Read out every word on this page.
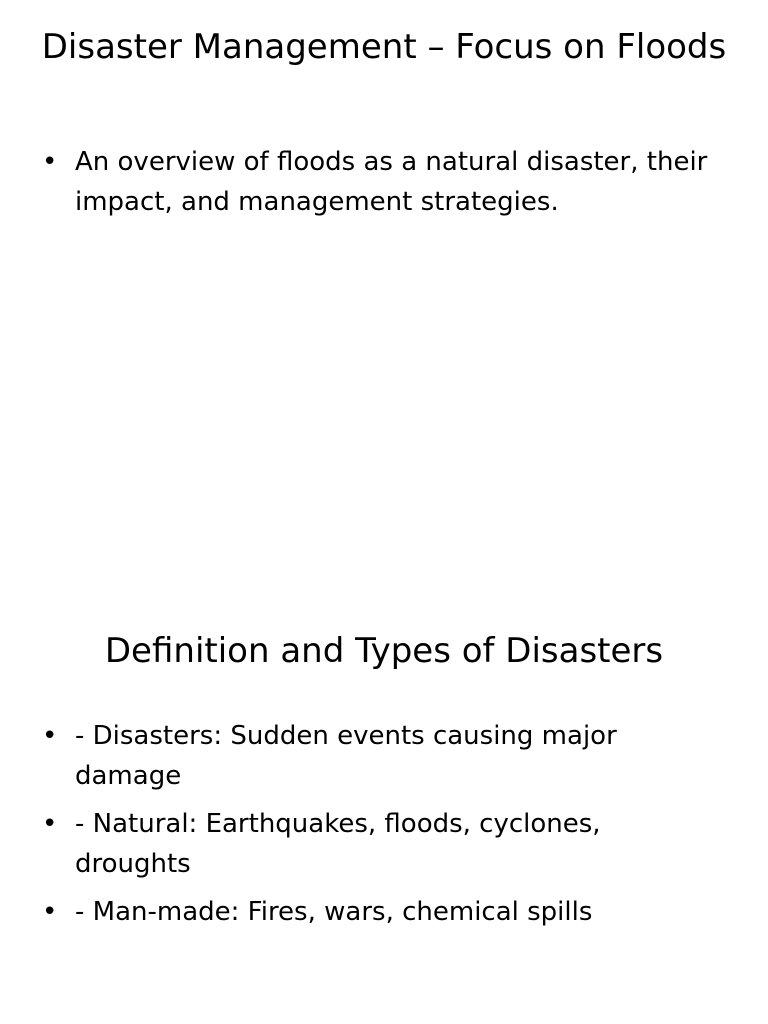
Disaster Management – Focus on Floods
• An overview of floods as a natural disaster, their impact, and management strategies.
Definition and Types of Disasters
• - Disasters: Sudden events causing major damage
• - Natural: Earthquakes, floods, cyclones, droughts
• - Man-made: Fires, wars, chemical spills
